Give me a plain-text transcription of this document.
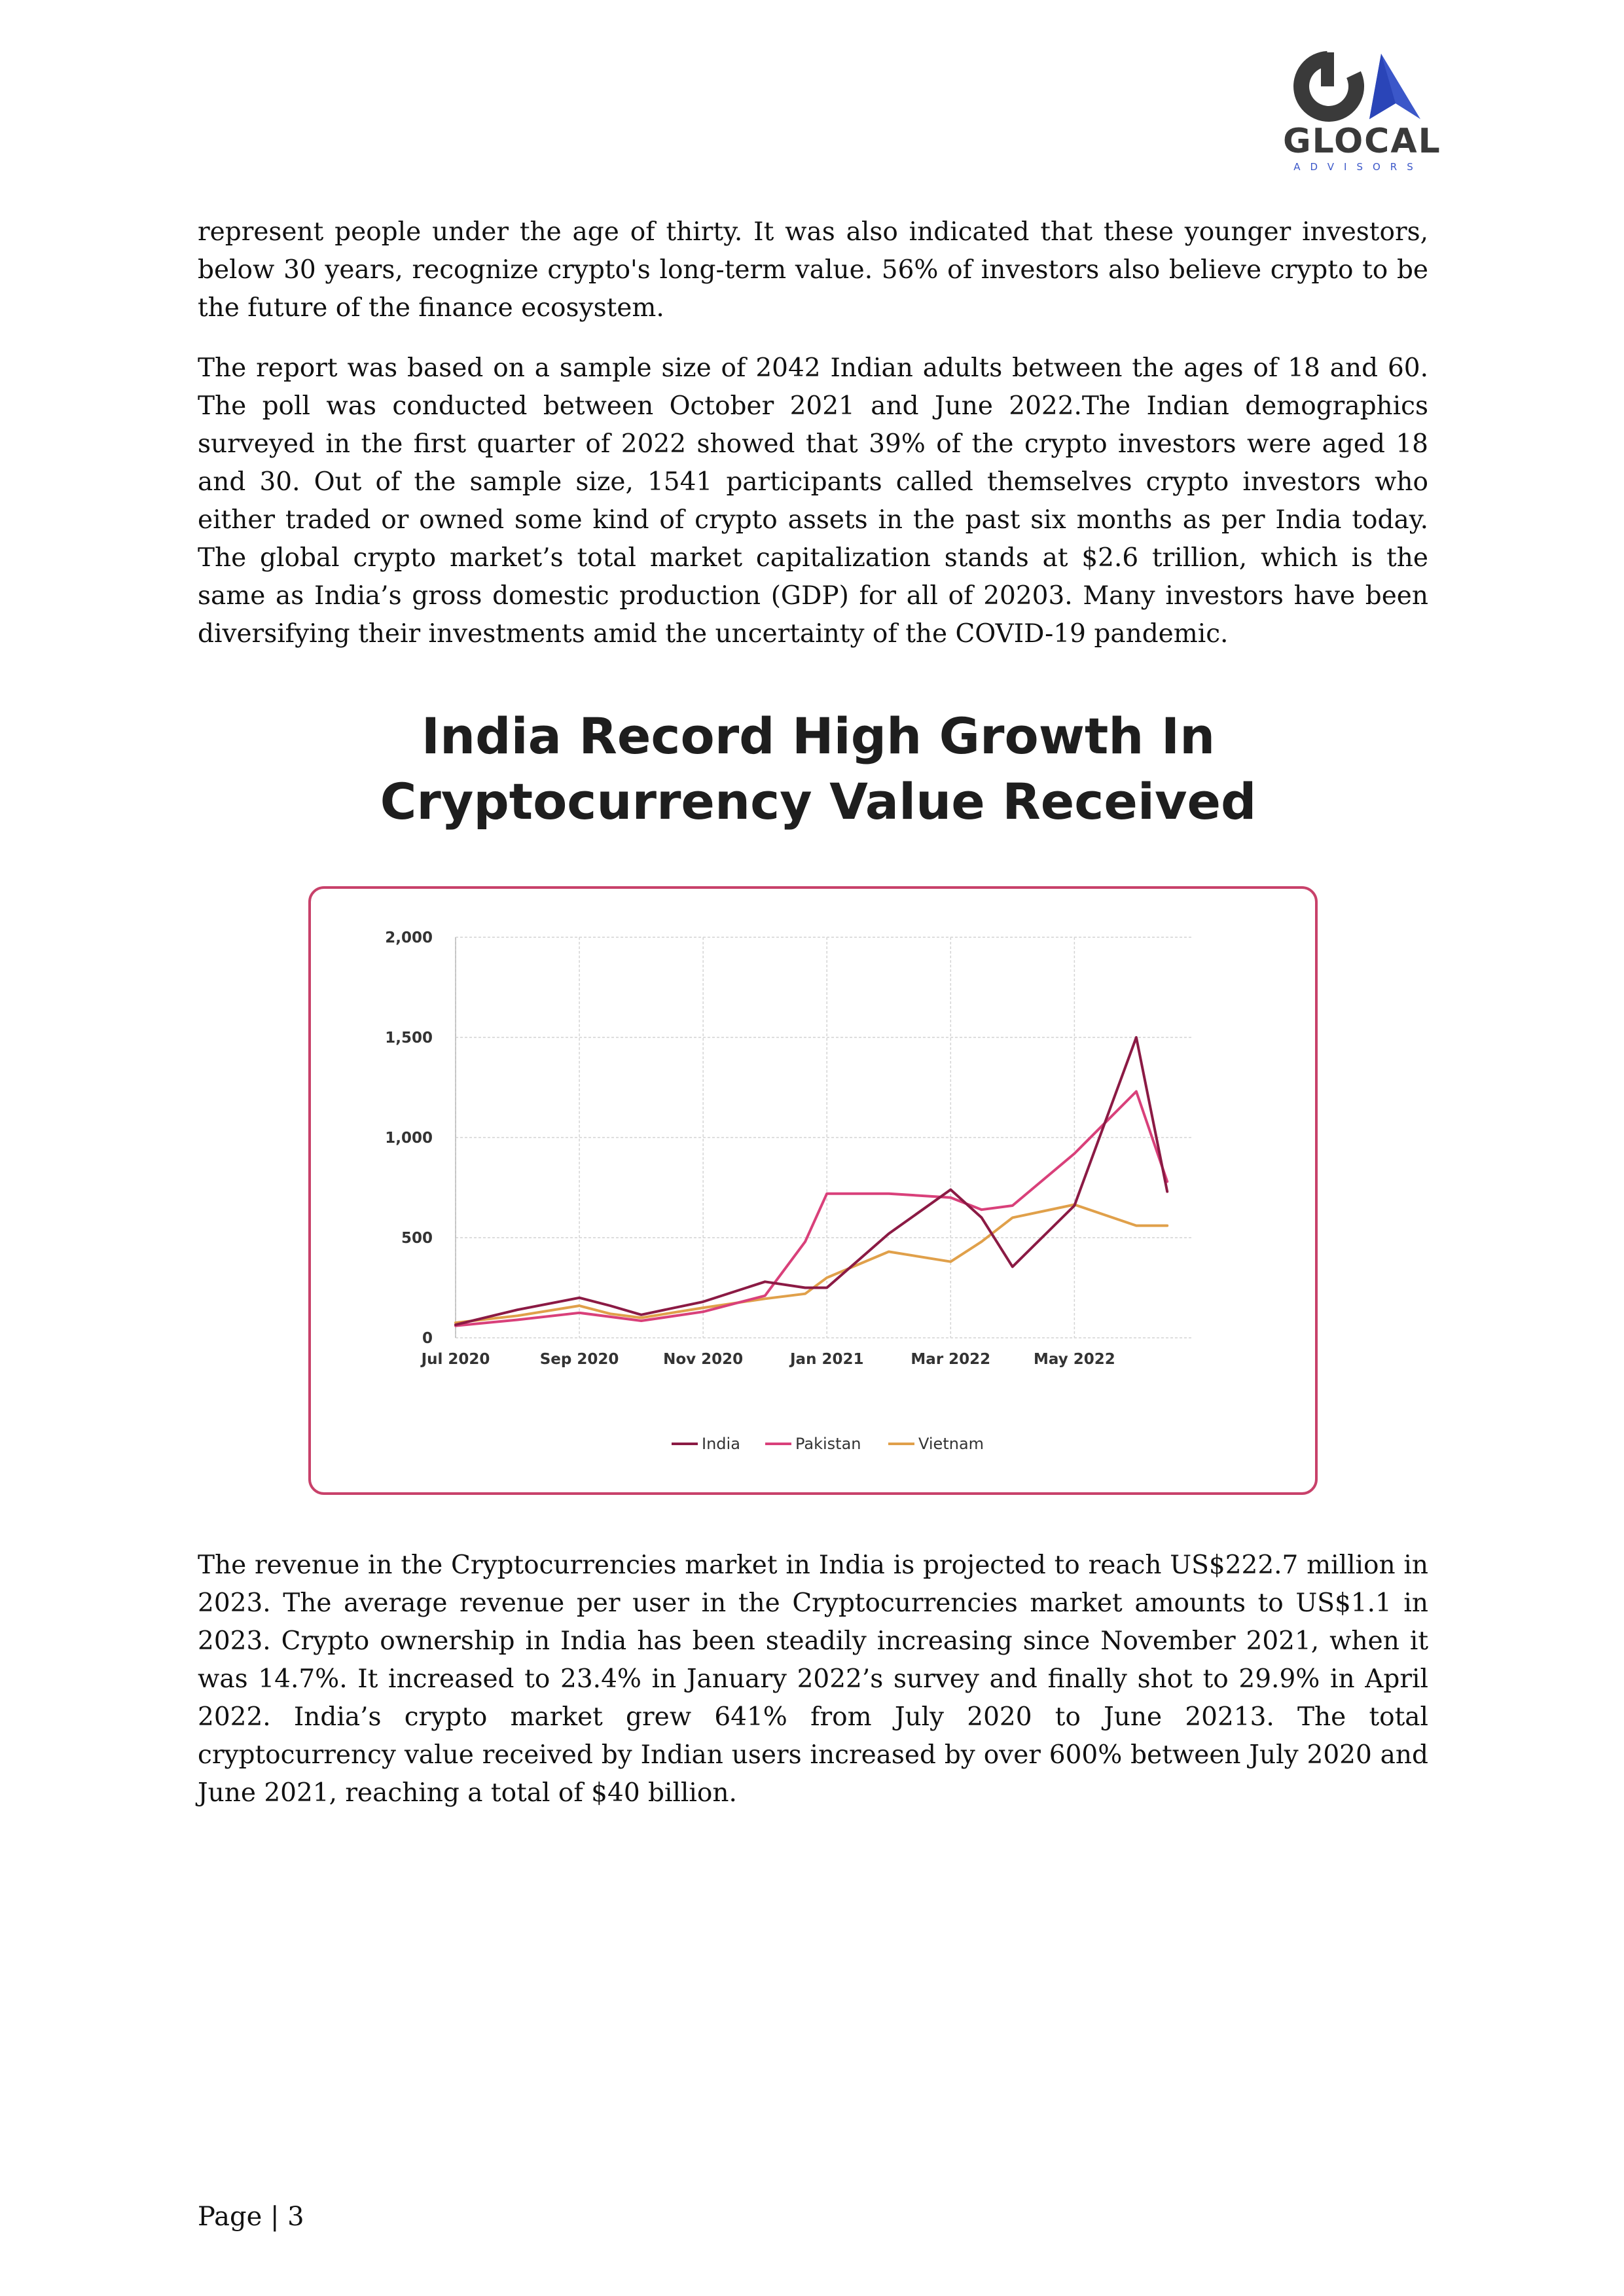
GLOCAL
ADVISORS

represent people under the age of thirty. It was also indicated that these younger investors, below 30 years, recognize crypto's long-term value. 56% of investors also believe crypto to be the future of the finance ecosystem.

The report was based on a sample size of 2042 Indian adults between the ages of 18 and 60. The poll was conducted between October 2021 and June 2022.The Indian demographics surveyed in the first quarter of 2022 showed that 39% of the crypto investors were aged 18 and 30. Out of the sample size, 1541 participants called themselves crypto investors who either traded or owned some kind of crypto assets in the past six months as per India today. The global crypto market’s total market capitalization stands at $2.6 trillion, which is the same as India’s gross domestic production (GDP) for all of 20203. Many investors have been diversifying their investments amid the uncertainty of the COVID-19 pandemic.

India Record High Growth In
Cryptocurrency Value Received
0
500
1,000
1,500
2,000
Jul 2020	Sep 2020	Nov 2020	Jan 2021	Mar 2022	May 2022
India	Pakistan	Vietnam

The revenue in the Cryptocurrencies market in India is projected to reach US$222.7 million in 2023. The average revenue per user in the Cryptocurrencies market amounts to US$1.1 in 2023. Crypto ownership in India has been steadily increasing since November 2021, when it was 14.7%. It increased to 23.4% in January 2022’s survey and finally shot to 29.9% in April 2022. India’s crypto market grew 641% from July 2020 to June 20213. The total cryptocurrency value received by Indian users increased by over 600% between July 2020 and June 2021, reaching a total of $40 billion.

Page | 3
